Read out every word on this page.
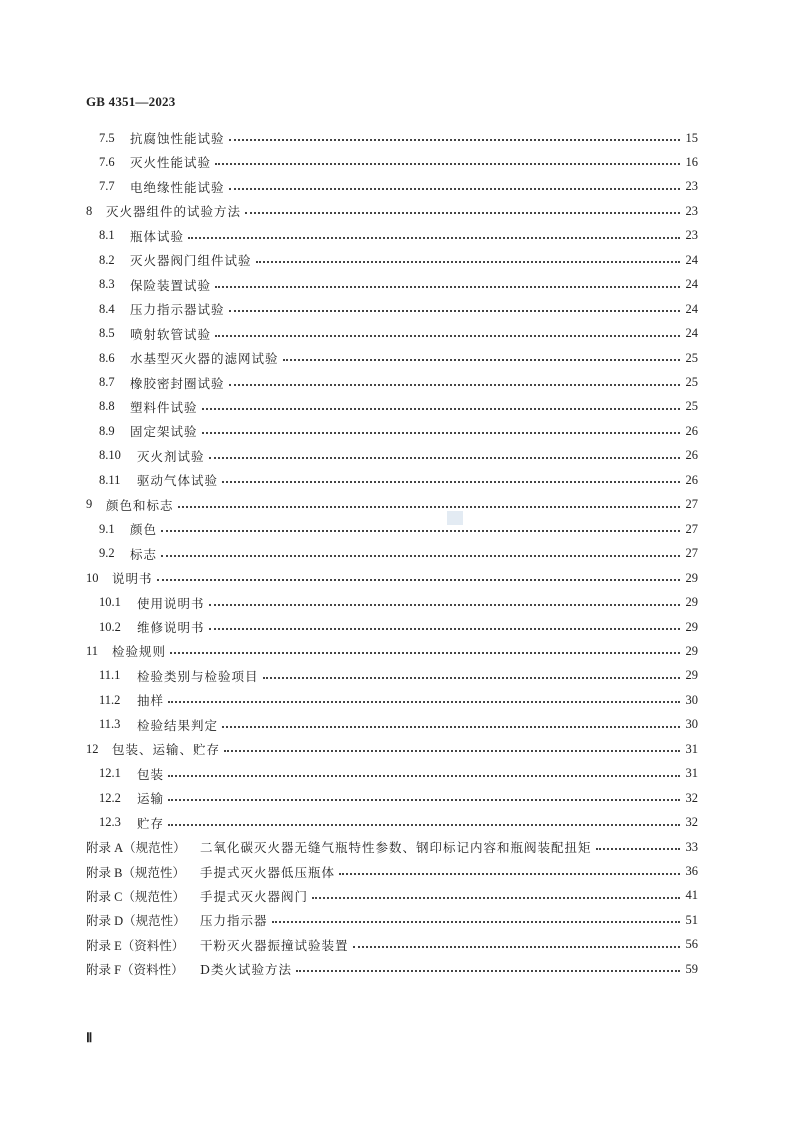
GB 4351—2023
7.5	抗腐蚀性能试验	15
7.6	灭火性能试验	16
7.7	电绝缘性能试验	23
8	灭火器组件的试验方法	23
8.1	瓶体试验	23
8.2	灭火器阀门组件试验	24
8.3	保险装置试验	24
8.4	压力指示器试验	24
8.5	喷射软管试验	24
8.6	水基型灭火器的滤网试验	25
8.7	橡胶密封圈试验	25
8.8	塑料件试验	25
8.9	固定架试验	26
8.10	灭火剂试验	26
8.11	驱动气体试验	26
9	颜色和标志	27
9.1	颜色	27
9.2	标志	27
10	说明书	29
10.1	使用说明书	29
10.2	维修说明书	29
11	检验规则	29
11.1	检验类别与检验项目	29
11.2	抽样	30
11.3	检验结果判定	30
12	包装、运输、贮存	31
12.1	包装	31
12.2	运输	32
12.3	贮存	32
附录 A（规范性）	二氧化碳灭火器无缝气瓶特性参数、钢印标记内容和瓶阀装配扭矩	33
附录 B（规范性）	手提式灭火器低压瓶体	36
附录 C（规范性）	手提式灭火器阀门	41
附录 D（规范性）	压力指示器	51
附录 E（资料性）	干粉灭火器振撞试验装置	56
附录 F（资料性）	D类火试验方法	59
Ⅱ
